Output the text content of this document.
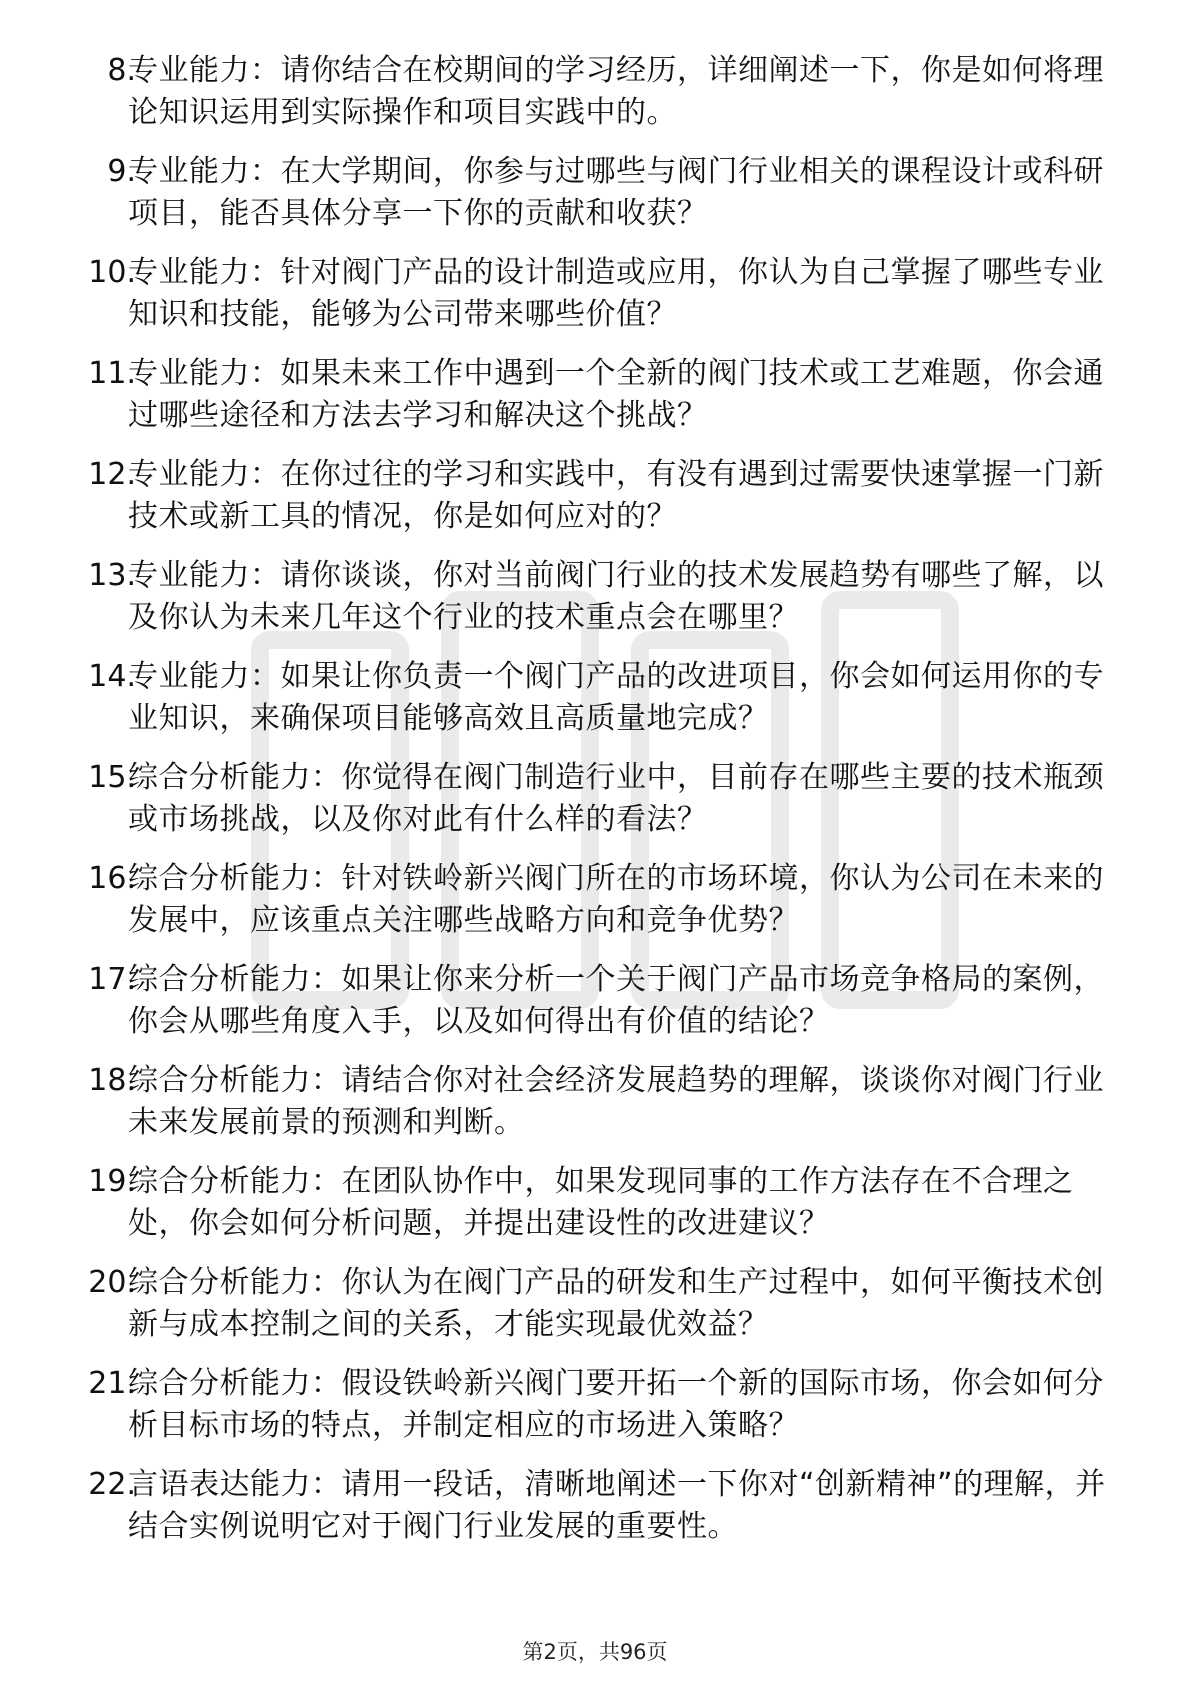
8.
专业能力：请你结合在校期间的学习经历，详细阐述一下，你是如何将理论知识运用到实际操作和项目实践中的。
9.
专业能力：在大学期间，你参与过哪些与阀门行业相关的课程设计或科研项目，能否具体分享一下你的贡献和收获？
10.
专业能力：针对阀门产品的设计制造或应用，你认为自己掌握了哪些专业知识和技能，能够为公司带来哪些价值？
11.
专业能力：如果未来工作中遇到一个全新的阀门技术或工艺难题，你会通过哪些途径和方法去学习和解决这个挑战？
12.
专业能力：在你过往的学习和实践中，有没有遇到过需要快速掌握一门新技术或新工具的情况，你是如何应对的？
13.
专业能力：请你谈谈，你对当前阀门行业的技术发展趋势有哪些了解，以及你认为未来几年这个行业的技术重点会在哪里？
14.
专业能力：如果让你负责一个阀门产品的改进项目，你会如何运用你的专业知识，来确保项目能够高效且高质量地完成？
15.
综合分析能力：你觉得在阀门制造行业中，目前存在哪些主要的技术瓶颈或市场挑战，以及你对此有什么样的看法？
16.
综合分析能力：针对铁岭新兴阀门所在的市场环境，你认为公司在未来的发展中，应该重点关注哪些战略方向和竞争优势？
17.
综合分析能力：如果让你来分析一个关于阀门产品市场竞争格局的案例，你会从哪些角度入手，以及如何得出有价值的结论？
18.
综合分析能力：请结合你对社会经济发展趋势的理解，谈谈你对阀门行业未来发展前景的预测和判断。
19.
综合分析能力：在团队协作中，如果发现同事的工作方法存在不合理之处，你会如何分析问题，并提出建设性的改进建议？
20.
综合分析能力：你认为在阀门产品的研发和生产过程中，如何平衡技术创新与成本控制之间的关系，才能实现最优效益？
21.
综合分析能力：假设铁岭新兴阀门要开拓一个新的国际市场，你会如何分析目标市场的特点，并制定相应的市场进入策略？
22.
言语表达能力：请用一段话，清晰地阐述一下你对“创新精神”的理解，并结合实例说明它对于阀门行业发展的重要性。
第2页，共96页
